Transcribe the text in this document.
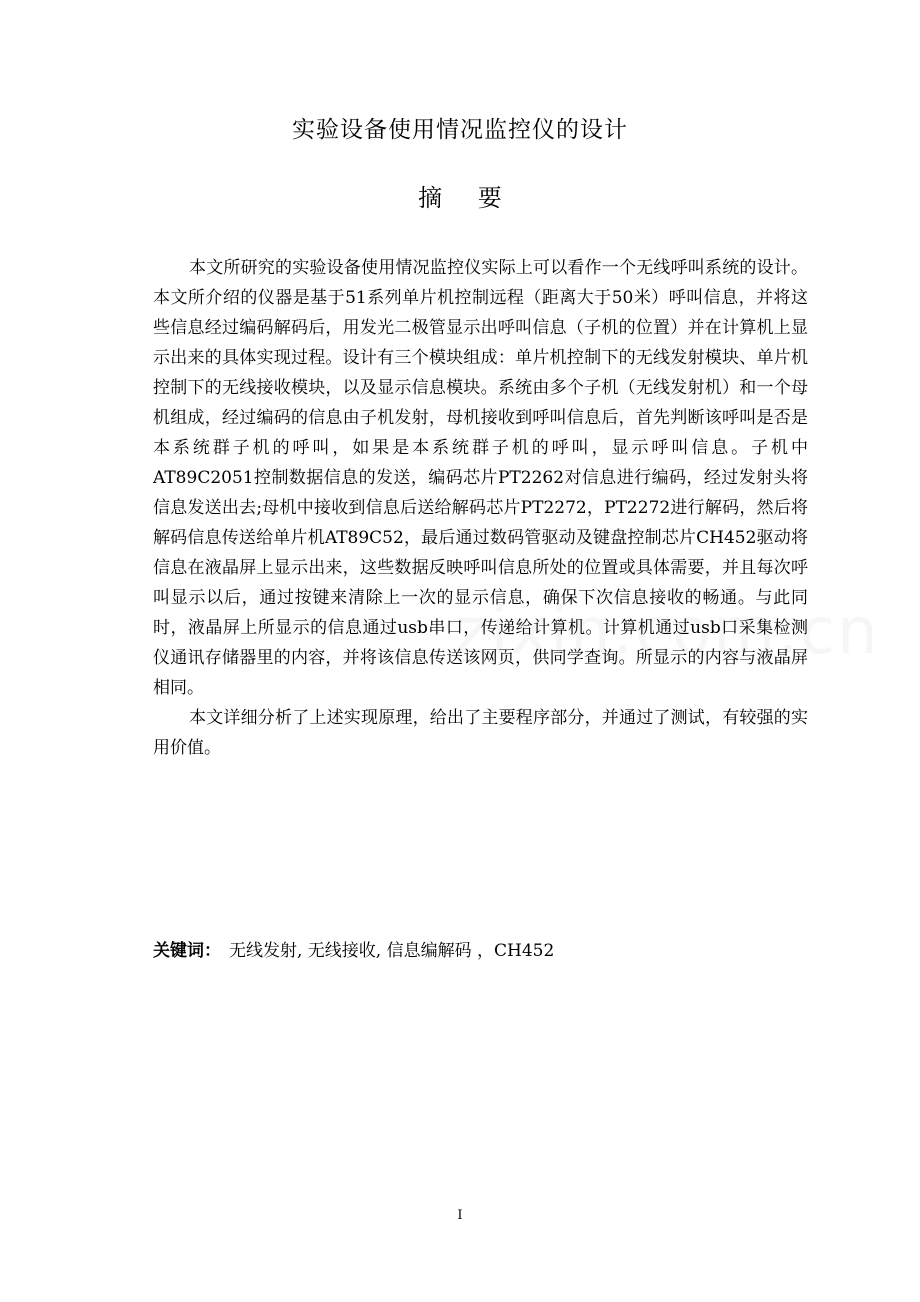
实验设备使用情况监控仪的设计
摘 要

本文所研究的实验设备使用情况监控仪实际上可以看作一个无线呼叫系统的设计。本文所介绍的仪器是基于51系列单片机控制远程（距离大于50米）呼叫信息，并将这些信息经过编码解码后，用发光二极管显示出呼叫信息（子机的位置）并在计算机上显示出来的具体实现过程。设计有三个模块组成：单片机控制下的无线发射模块、单片机控制下的无线接收模块，以及显示信息模块。系统由多个子机（无线发射机）和一个母机组成，经过编码的信息由子机发射，母机接收到呼叫信息后，首先判断该呼叫是否是本系统群子机的呼叫，如果是本系统群子机的呼叫，显示呼叫信息。子机中AT89C2051控制数据信息的发送，编码芯片PT2262对信息进行编码，经过发射头将信息发送出去;母机中接收到信息后送给解码芯片PT2272，PT2272进行解码，然后将解码信息传送给单片机AT89C52，最后通过数码管驱动及键盘控制芯片CH452驱动将信息在液晶屏上显示出来，这些数据反映呼叫信息所处的位置或具体需要，并且每次呼叫显示以后，通过按键来清除上一次的显示信息，确保下次信息接收的畅通。与此同时，液晶屏上所显示的信息通过usb串口，传递给计算机。计算机通过usb口采集检测仪通讯存储器里的内容，并将该信息传送该网页，供同学查询。所显示的内容与液晶屏相同。

本文详细分析了上述实现原理，给出了主要程序部分，并通过了测试，有较强的实用价值。

关键词： 无线发射, 无线接收, 信息编解码 ，CH452
I
